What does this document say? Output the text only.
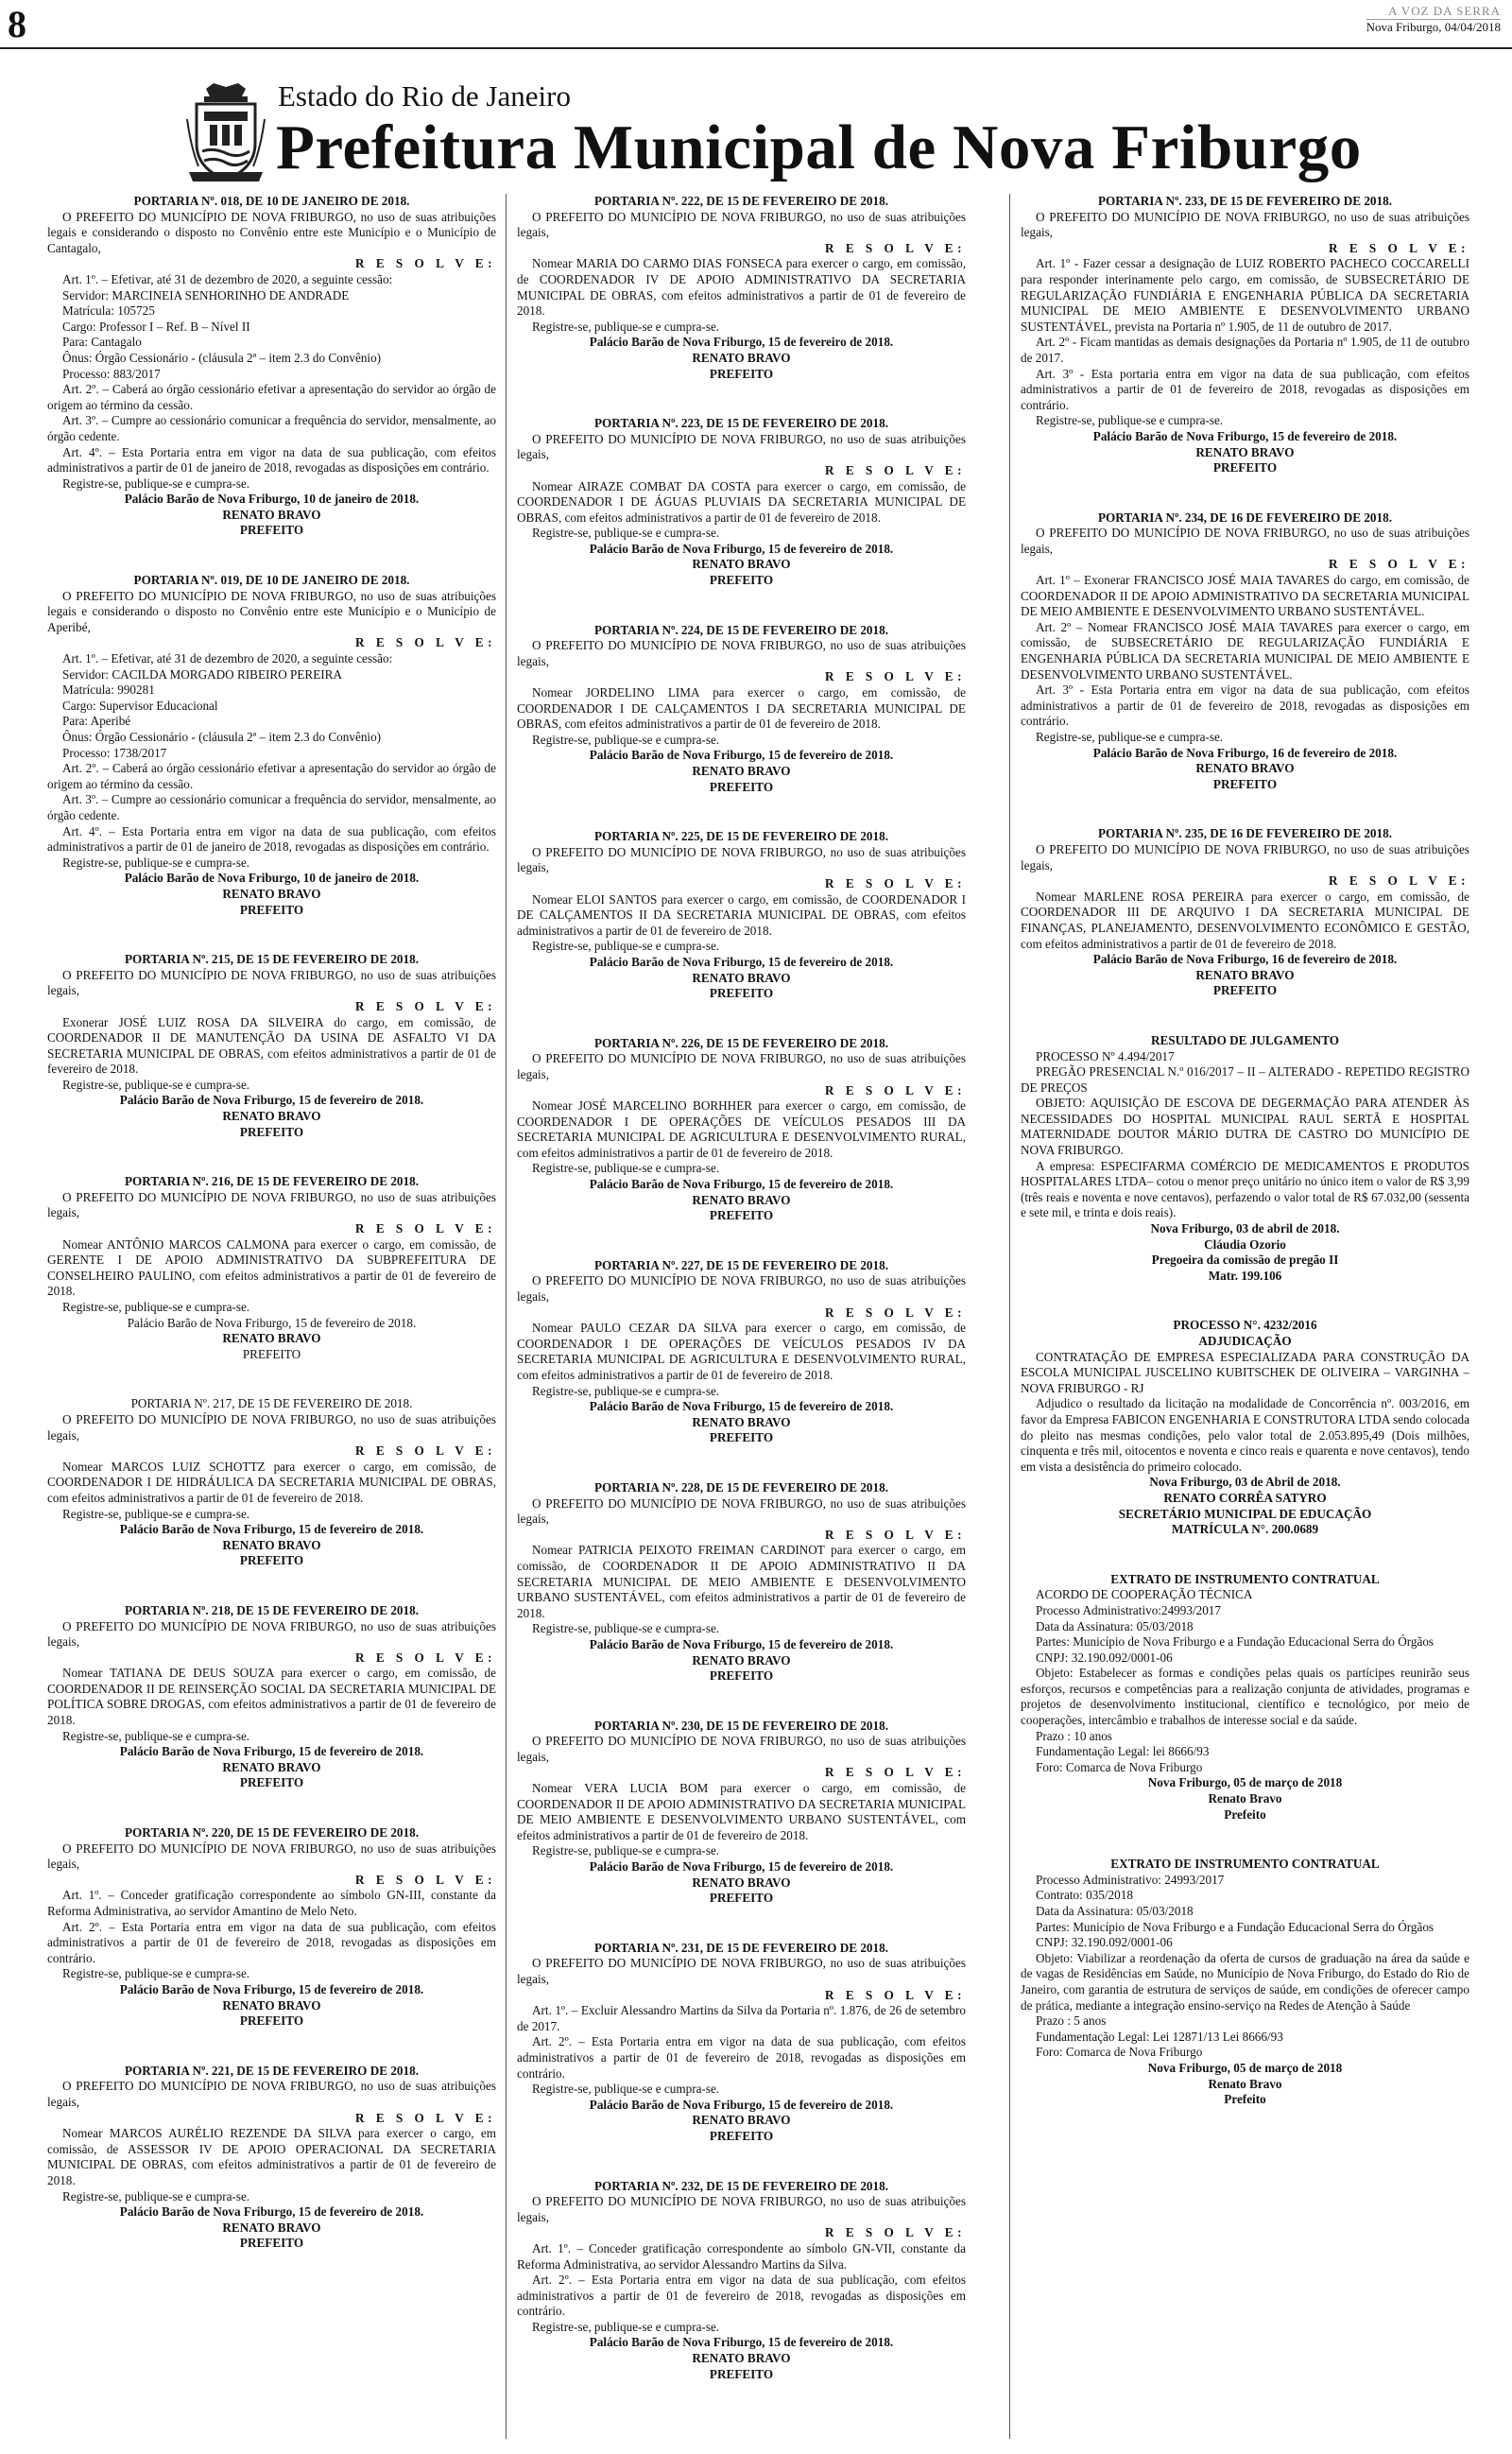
8	A VOZ DA SERRA
Nova Friburgo, 04/04/2018
Estado do Rio de Janeiro
Prefeitura Municipal de Nova Friburgo
PORTARIA Nº. 018, DE 10 DE JANEIRO DE 2018.
O PREFEITO DO MUNICÍPIO DE NOVA FRIBURGO, no uso de suas atribuições legais e considerando o disposto no Convênio entre este Município e o Município de Cantagalo,
R E S O L V E:
Art. 1º. – Efetivar, até 31 de dezembro de 2020, a seguinte cessão:
Servidor: MARCINEIA SENHORINHO DE ANDRADE
Matrícula: 105725
Cargo: Professor I – Ref. B – Nível II
Para: Cantagalo
Ônus: Órgão Cessionário - (cláusula 2ª – item 2.3 do Convênio)
Processo: 883/2017
Art. 2º. – Caberá ao órgão cessionário efetivar a apresentação do servidor ao órgão de origem ao término da cessão.
Art. 3º. – Cumpre ao cessionário comunicar a frequência do servidor, mensalmente, ao órgão cedente.
Art. 4º. – Esta Portaria entra em vigor na data de sua publicação, com efeitos administrativos a partir de 01 de janeiro de 2018, revogadas as disposições em contrário.
Registre-se, publique-se e cumpra-se.
Palácio Barão de Nova Friburgo, 10 de janeiro de 2018.
RENATO BRAVO
PREFEITO
PORTARIA Nº. 019, DE 10 DE JANEIRO DE 2018.
O PREFEITO DO MUNICÍPIO DE NOVA FRIBURGO, no uso de suas atribuições legais e considerando o disposto no Convênio entre este Município e o Município de Aperibé,
R E S O L V E:
Art. 1º. – Efetivar, até 31 de dezembro de 2020, a seguinte cessão:
Servidor: CACILDA MORGADO RIBEIRO PEREIRA
Matrícula: 990281
Cargo: Supervisor Educacional
Para: Aperibé
Ônus: Órgão Cessionário - (cláusula 2ª – item 2.3 do Convênio)
Processo: 1738/2017
Art. 2º. – Caberá ao órgão cessionário efetivar a apresentação do servidor ao órgão de origem ao término da cessão.
Art. 3º. – Cumpre ao cessionário comunicar a frequência do servidor, mensalmente, ao órgão cedente.
Art. 4º. – Esta Portaria entra em vigor na data de sua publicação, com efeitos administrativos a partir de 01 de janeiro de 2018, revogadas as disposições em contrário.
Registre-se, publique-se e cumpra-se.
Palácio Barão de Nova Friburgo, 10 de janeiro de 2018.
RENATO BRAVO
PREFEITO
PORTARIA Nº. 215, DE 15 DE FEVEREIRO DE 2018.
O PREFEITO DO MUNICÍPIO DE NOVA FRIBURGO, no uso de suas atribuições legais,
R E S O L V E:
Exonerar JOSÉ LUIZ ROSA DA SILVEIRA do cargo, em comissão, de COORDENADOR II DE MANUTENÇÃO DA USINA DE ASFALTO VI DA SECRETARIA MUNICIPAL DE OBRAS, com efeitos administrativos a partir de 01 de fevereiro de 2018.
Registre-se, publique-se e cumpra-se.
Palácio Barão de Nova Friburgo, 15 de fevereiro de 2018.
RENATO BRAVO
PREFEITO
PORTARIA Nº. 216, DE 15 DE FEVEREIRO DE 2018.
O PREFEITO DO MUNICÍPIO DE NOVA FRIBURGO, no uso de suas atribuições legais,
R E S O L V E:
Nomear ANTÔNIO MARCOS CALMONA para exercer o cargo, em comissão, de GERENTE I DE APOIO ADMINISTRATIVO DA SUBPREFEITURA DE CONSELHEIRO PAULINO, com efeitos administrativos a partir de 01 de fevereiro de 2018.
Registre-se, publique-se e cumpra-se.
Palácio Barão de Nova Friburgo, 15 de fevereiro de 2018.
RENATO BRAVO
PREFEITO
PORTARIA Nº. 217, DE 15 DE FEVEREIRO DE 2018.
O PREFEITO DO MUNICÍPIO DE NOVA FRIBURGO, no uso de suas atribuições legais,
R E S O L V E:
Nomear MARCOS LUIZ SCHOTTZ para exercer o cargo, em comissão, de COORDENADOR I DE HIDRÁULICA DA SECRETARIA MUNICIPAL DE OBRAS, com efeitos administrativos a partir de 01 de fevereiro de 2018.
Registre-se, publique-se e cumpra-se.
Palácio Barão de Nova Friburgo, 15 de fevereiro de 2018.
RENATO BRAVO
PREFEITO
PORTARIA Nº. 218, DE 15 DE FEVEREIRO DE 2018.
O PREFEITO DO MUNICÍPIO DE NOVA FRIBURGO, no uso de suas atribuições legais,
R E S O L V E:
Nomear TATIANA DE DEUS SOUZA para exercer o cargo, em comissão, de COORDENADOR II DE REINSERÇÃO SOCIAL DA SECRETARIA MUNICIPAL DE POLÍTICA SOBRE DROGAS, com efeitos administrativos a partir de 01 de fevereiro de 2018.
Registre-se, publique-se e cumpra-se.
Palácio Barão de Nova Friburgo, 15 de fevereiro de 2018.
RENATO BRAVO
PREFEITO
PORTARIA Nº. 220, DE 15 DE FEVEREIRO DE 2018.
O PREFEITO DO MUNICÍPIO DE NOVA FRIBURGO, no uso de suas atribuições legais,
R E S O L V E:
Art. 1º. – Conceder gratificação correspondente ao símbolo GN-III, constante da Reforma Administrativa, ao servidor Amantino de Melo Neto.
Art. 2º. – Esta Portaria entra em vigor na data de sua publicação, com efeitos administrativos a partir de 01 de fevereiro de 2018, revogadas as disposições em contrário.
Registre-se, publique-se e cumpra-se.
Palácio Barão de Nova Friburgo, 15 de fevereiro de 2018.
RENATO BRAVO
PREFEITO
PORTARIA Nº. 221, DE 15 DE FEVEREIRO DE 2018.
O PREFEITO DO MUNICÍPIO DE NOVA FRIBURGO, no uso de suas atribuições legais,
R E S O L V E:
Nomear MARCOS AURÉLIO REZENDE DA SILVA para exercer o cargo, em comissão, de ASSESSOR IV DE APOIO OPERACIONAL DA SECRETARIA MUNICIPAL DE OBRAS, com efeitos administrativos a partir de 01 de fevereiro de 2018.
Registre-se, publique-se e cumpra-se.
Palácio Barão de Nova Friburgo, 15 de fevereiro de 2018.
RENATO BRAVO
PREFEITO
PORTARIA Nº. 222, DE 15 DE FEVEREIRO DE 2018.
O PREFEITO DO MUNICÍPIO DE NOVA FRIBURGO, no uso de suas atribuições legais,
R E S O L V E:
Nomear MARIA DO CARMO DIAS FONSECA para exercer o cargo, em comissão, de COORDENADOR IV DE APOIO ADMINISTRATIVO DA SECRETARIA MUNICIPAL DE OBRAS, com efeitos administrativos a partir de 01 de fevereiro de 2018.
Registre-se, publique-se e cumpra-se.
Palácio Barão de Nova Friburgo, 15 de fevereiro de 2018.
RENATO BRAVO
PREFEITO
PORTARIA Nº. 223, DE 15 DE FEVEREIRO DE 2018.
O PREFEITO DO MUNICÍPIO DE NOVA FRIBURGO, no uso de suas atribuições legais,
R E S O L V E:
Nomear AIRAZE COMBAT DA COSTA para exercer o cargo, em comissão, de COORDENADOR I DE ÁGUAS PLUVIAIS DA SECRETARIA MUNICIPAL DE OBRAS, com efeitos administrativos a partir de 01 de fevereiro de 2018.
Registre-se, publique-se e cumpra-se.
Palácio Barão de Nova Friburgo, 15 de fevereiro de 2018.
RENATO BRAVO
PREFEITO
PORTARIA Nº. 224, DE 15 DE FEVEREIRO DE 2018.
O PREFEITO DO MUNICÍPIO DE NOVA FRIBURGO, no uso de suas atribuições legais,
R E S O L V E:
Nomear JORDELINO LIMA para exercer o cargo, em comissão, de COORDENADOR I DE CALÇAMENTOS I DA SECRETARIA MUNICIPAL DE OBRAS, com efeitos administrativos a partir de 01 de fevereiro de 2018.
Registre-se, publique-se e cumpra-se.
Palácio Barão de Nova Friburgo, 15 de fevereiro de 2018.
RENATO BRAVO
PREFEITO
PORTARIA Nº. 225, DE 15 DE FEVEREIRO DE 2018.
O PREFEITO DO MUNICÍPIO DE NOVA FRIBURGO, no uso de suas atribuições legais,
R E S O L V E:
Nomear ELOI SANTOS para exercer o cargo, em comissão, de COORDENADOR I DE CALÇAMENTOS II DA SECRETARIA MUNICIPAL DE OBRAS, com efeitos administrativos a partir de 01 de fevereiro de 2018.
Registre-se, publique-se e cumpra-se.
Palácio Barão de Nova Friburgo, 15 de fevereiro de 2018.
RENATO BRAVO
PREFEITO
PORTARIA Nº. 226, DE 15 DE FEVEREIRO DE 2018.
O PREFEITO DO MUNICÍPIO DE NOVA FRIBURGO, no uso de suas atribuições legais,
R E S O L V E:
Nomear JOSÉ MARCELINO BORHHER para exercer o cargo, em comissão, de COORDENADOR I DE OPERAÇÕES DE VEÍCULOS PESADOS III DA SECRETARIA MUNICIPAL DE AGRICULTURA E DESENVOLVIMENTO RURAL, com efeitos administrativos a partir de 01 de fevereiro de 2018.
Registre-se, publique-se e cumpra-se.
Palácio Barão de Nova Friburgo, 15 de fevereiro de 2018.
RENATO BRAVO
PREFEITO
PORTARIA Nº. 227, DE 15 DE FEVEREIRO DE 2018.
O PREFEITO DO MUNICÍPIO DE NOVA FRIBURGO, no uso de suas atribuições legais,
R E S O L V E:
Nomear PAULO CEZAR DA SILVA para exercer o cargo, em comissão, de COORDENADOR I DE OPERAÇÕES DE VEÍCULOS PESADOS IV DA SECRETARIA MUNICIPAL DE AGRICULTURA E DESENVOLVIMENTO RURAL, com efeitos administrativos a partir de 01 de fevereiro de 2018.
Registre-se, publique-se e cumpra-se.
Palácio Barão de Nova Friburgo, 15 de fevereiro de 2018.
RENATO BRAVO
PREFEITO
PORTARIA Nº. 228, DE 15 DE FEVEREIRO DE 2018.
O PREFEITO DO MUNICÍPIO DE NOVA FRIBURGO, no uso de suas atribuições legais,
R E S O L V E:
Nomear PATRICIA PEIXOTO FREIMAN CARDINOT para exercer o cargo, em comissão, de COORDENADOR II DE APOIO ADMINISTRATIVO II DA SECRETARIA MUNICIPAL DE MEIO AMBIENTE E DESENVOLVIMENTO URBANO SUSTENTÁVEL, com efeitos administrativos a partir de 01 de fevereiro de 2018.
Registre-se, publique-se e cumpra-se.
Palácio Barão de Nova Friburgo, 15 de fevereiro de 2018.
RENATO BRAVO
PREFEITO
PORTARIA Nº. 230, DE 15 DE FEVEREIRO DE 2018.
O PREFEITO DO MUNICÍPIO DE NOVA FRIBURGO, no uso de suas atribuições legais,
R E S O L V E:
Nomear VERA LUCIA BOM para exercer o cargo, em comissão, de COORDENADOR II DE APOIO ADMINISTRATIVO DA SECRETARIA MUNICIPAL DE MEIO AMBIENTE E DESENVOLVIMENTO URBANO SUSTENTÁVEL, com efeitos administrativos a partir de 01 de fevereiro de 2018.
Registre-se, publique-se e cumpra-se.
Palácio Barão de Nova Friburgo, 15 de fevereiro de 2018.
RENATO BRAVO
PREFEITO
PORTARIA Nº. 231, DE 15 DE FEVEREIRO DE 2018.
O PREFEITO DO MUNICÍPIO DE NOVA FRIBURGO, no uso de suas atribuições legais,
R E S O L V E:
Art. 1º. – Excluir Alessandro Martins da Silva da Portaria nº. 1.876, de 26 de setembro de 2017.
Art. 2º. – Esta Portaria entra em vigor na data de sua publicação, com efeitos administrativos a partir de 01 de fevereiro de 2018, revogadas as disposições em contrário.
Registre-se, publique-se e cumpra-se.
Palácio Barão de Nova Friburgo, 15 de fevereiro de 2018.
RENATO BRAVO
PREFEITO
PORTARIA Nº. 232, DE 15 DE FEVEREIRO DE 2018.
O PREFEITO DO MUNICÍPIO DE NOVA FRIBURGO, no uso de suas atribuições legais,
R E S O L V E:
Art. 1º. – Conceder gratificação correspondente ao símbolo GN-VII, constante da Reforma Administrativa, ao servidor Alessandro Martins da Silva.
Art. 2º. – Esta Portaria entra em vigor na data de sua publicação, com efeitos administrativos a partir de 01 de fevereiro de 2018, revogadas as disposições em contrário.
Registre-se, publique-se e cumpra-se.
Palácio Barão de Nova Friburgo, 15 de fevereiro de 2018.
RENATO BRAVO
PREFEITO
PORTARIA Nº. 233, DE 15 DE FEVEREIRO DE 2018.
O PREFEITO DO MUNICÍPIO DE NOVA FRIBURGO, no uso de suas atribuições legais,
R E S O L V E:
Art. 1º - Fazer cessar a designação de LUIZ ROBERTO PACHECO COCCARELLI para responder interinamente pelo cargo, em comissão, de SUBSECRETÁRIO DE REGULARIZAÇÃO FUNDIÁRIA E ENGENHARIA PÚBLICA DA SECRETARIA MUNICIPAL DE MEIO AMBIENTE E DESENVOLVIMENTO URBANO SUSTENTÁVEL, prevista na Portaria nº 1.905, de 11 de outubro de 2017.
Art. 2º - Ficam mantidas as demais designações da Portaria nº 1.905, de 11 de outubro de 2017.
Art. 3º - Esta portaria entra em vigor na data de sua publicação, com efeitos administrativos a partir de 01 de fevereiro de 2018, revogadas as disposições em contrário.
Registre-se, publique-se e cumpra-se.
Palácio Barão de Nova Friburgo, 15 de fevereiro de 2018.
RENATO BRAVO
PREFEITO
PORTARIA Nº. 234, DE 16 DE FEVEREIRO DE 2018.
O PREFEITO DO MUNICÍPIO DE NOVA FRIBURGO, no uso de suas atribuições legais,
R E S O L V E:
Art. 1º – Exonerar FRANCISCO JOSÉ MAIA TAVARES do cargo, em comissão, de COORDENADOR II DE APOIO ADMINISTRATIVO DA SECRETARIA MUNICIPAL DE MEIO AMBIENTE E DESENVOLVIMENTO URBANO SUSTENTÁVEL.
Art. 2º – Nomear FRANCISCO JOSÉ MAIA TAVARES para exercer o cargo, em comissão, de SUBSECRETÁRIO DE REGULARIZAÇÃO FUNDIÁRIA E ENGENHARIA PÚBLICA DA SECRETARIA MUNICIPAL DE MEIO AMBIENTE E DESENVOLVIMENTO URBANO SUSTENTÁVEL.
Art. 3º - Esta Portaria entra em vigor na data de sua publicação, com efeitos administrativos a partir de 01 de fevereiro de 2018, revogadas as disposições em contrário.
Registre-se, publique-se e cumpra-se.
Palácio Barão de Nova Friburgo, 16 de fevereiro de 2018.
RENATO BRAVO
PREFEITO
PORTARIA Nº. 235, DE 16 DE FEVEREIRO DE 2018.
O PREFEITO DO MUNICÍPIO DE NOVA FRIBURGO, no uso de suas atribuições legais,
R E S O L V E:
Nomear MARLENE ROSA PEREIRA para exercer o cargo, em comissão, de COORDENADOR III DE ARQUIVO I DA SECRETARIA MUNICIPAL DE FINANÇAS, PLANEJAMENTO, DESENVOLVIMENTO ECONÔMICO E GESTÃO, com efeitos administrativos a partir de 01 de fevereiro de 2018.
Palácio Barão de Nova Friburgo, 16 de fevereiro de 2018.
RENATO BRAVO
PREFEITO
RESULTADO DE JULGAMENTO
PROCESSO Nº 4.494/2017
PREGÃO PRESENCIAL N.º 016/2017 – II – ALTERADO - REPETIDO REGISTRO DE PREÇOS
OBJETO: AQUISIÇÃO DE ESCOVA DE DEGERMAÇÃO PARA ATENDER ÀS NECESSIDADES DO HOSPITAL MUNICIPAL RAUL SERTÃ E HOSPITAL MATERNIDADE DOUTOR MÁRIO DUTRA DE CASTRO DO MUNICÍPIO DE NOVA FRIBURGO.
A empresa: ESPECIFARMA COMÉRCIO DE MEDICAMENTOS E PRODUTOS HOSPITALARES LTDA– cotou o menor preço unitário no único item o valor de R$ 3,99 (três reais e noventa e nove centavos), perfazendo o valor total de R$ 67.032,00 (sessenta e sete mil, e trinta e dois reais).
Nova Friburgo, 03 de abril de 2018.
Cláudia Ozorio
Pregoeira da comissão de pregão II
Matr. 199.106
PROCESSO N°. 4232/2016
ADJUDICAÇÃO
CONTRATAÇÃO DE EMPRESA ESPECIALIZADA PARA CONSTRUÇÃO DA ESCOLA MUNICIPAL JUSCELINO KUBITSCHEK DE OLIVEIRA – VARGINHA – NOVA FRIBURGO - RJ
Adjudico o resultado da licitação na modalidade de Concorrência nº. 003/2016, em favor da Empresa FABICON ENGENHARIA E CONSTRUTORA LTDA sendo colocada do pleito nas mesmas condições, pelo valor total de 2.053.895,49 (Dois milhões, cinquenta e três mil, oitocentos e noventa e cinco reais e quarenta e nove centavos), tendo em vista a desistência do primeiro colocado.
Nova Friburgo, 03 de Abril de 2018.
RENATO CORRÊA SATYRO
SECRETÁRIO MUNICIPAL DE EDUCAÇÃO
MATRÍCULA N°. 200.0689
EXTRATO DE INSTRUMENTO CONTRATUAL
ACORDO DE COOPERAÇÃO TÉCNICA
Processo Administrativo:24993/2017
Data da Assinatura: 05/03/2018
Partes: Município de Nova Friburgo e a Fundação Educacional Serra do Órgãos
CNPJ: 32.190.092/0001-06
Objeto: Estabelecer as formas e condições pelas quais os partícipes reunirão seus esforços, recursos e competências para a realização conjunta de atividades, programas e projetos de desenvolvimento institucional, científico e tecnológico, por meio de cooperações, intercâmbio e trabalhos de interesse social e da saúde.
Prazo : 10 anos
Fundamentação Legal: lei 8666/93
Foro: Comarca de Nova Friburgo
Nova Friburgo, 05 de março de 2018
Renato Bravo
Prefeito
EXTRATO DE INSTRUMENTO CONTRATUAL
Processo Administrativo: 24993/2017
Contrato: 035/2018
Data da Assinatura: 05/03/2018
Partes: Município de Nova Friburgo e a Fundação Educacional Serra do Órgãos
CNPJ: 32.190.092/0001-06
Objeto: Viabilizar a reordenação da oferta de cursos de graduação na área da saúde e de vagas de Residências em Saúde, no Município de Nova Friburgo, do Estado do Rio de Janeiro, com garantia de estrutura de serviços de saúde, em condições de oferecer campo de prática, mediante a integração ensino-serviço na Redes de Atenção à Saúde
Prazo : 5 anos
Fundamentação Legal: Lei 12871/13 Lei 8666/93
Foro: Comarca de Nova Friburgo
Nova Friburgo, 05 de março de 2018
Renato Bravo
Prefeito
